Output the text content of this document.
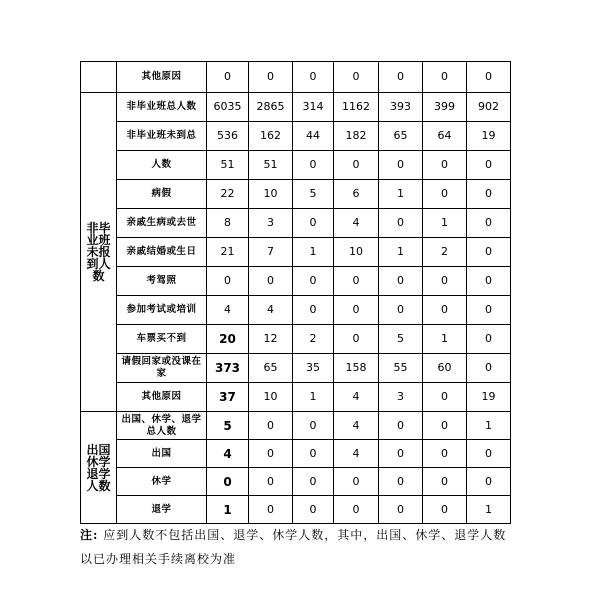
	其他原因	0	0	0	0	0	0	0
非毕业班未报到人数	非毕业班总人数	6035	2865	314	1162	393	399	902
	非毕业班未到总	536	162	44	182	65	64	19
	人数	51	51	0	0	0	0	0
	病假	22	10	5	6	1	0	0
	亲戚生病或去世	8	3	0	4	0	1	0
	亲戚结婚或生日	21	7	1	10	1	2	0
	考驾照	0	0	0	0	0	0	0
	参加考试或培训	4	4	0	0	0	0	0
	车票买不到	20	12	2	0	5	1	0
	请假回家或没课在家	373	65	35	158	55	60	0
	其他原因	37	10	1	4	3	0	19
出国休学退学人数	出国、休学、退学总人数	5	0	0	4	0	0	1
	出国	4	0	0	4	0	0	0
	休学	0	0	0	0	0	0	0
	退学	1	0	0	0	0	0	1
注: 应到人数不包括出国、退学、休学人数，其中，出国、休学、退学人数以已办理相关手续离校为准
